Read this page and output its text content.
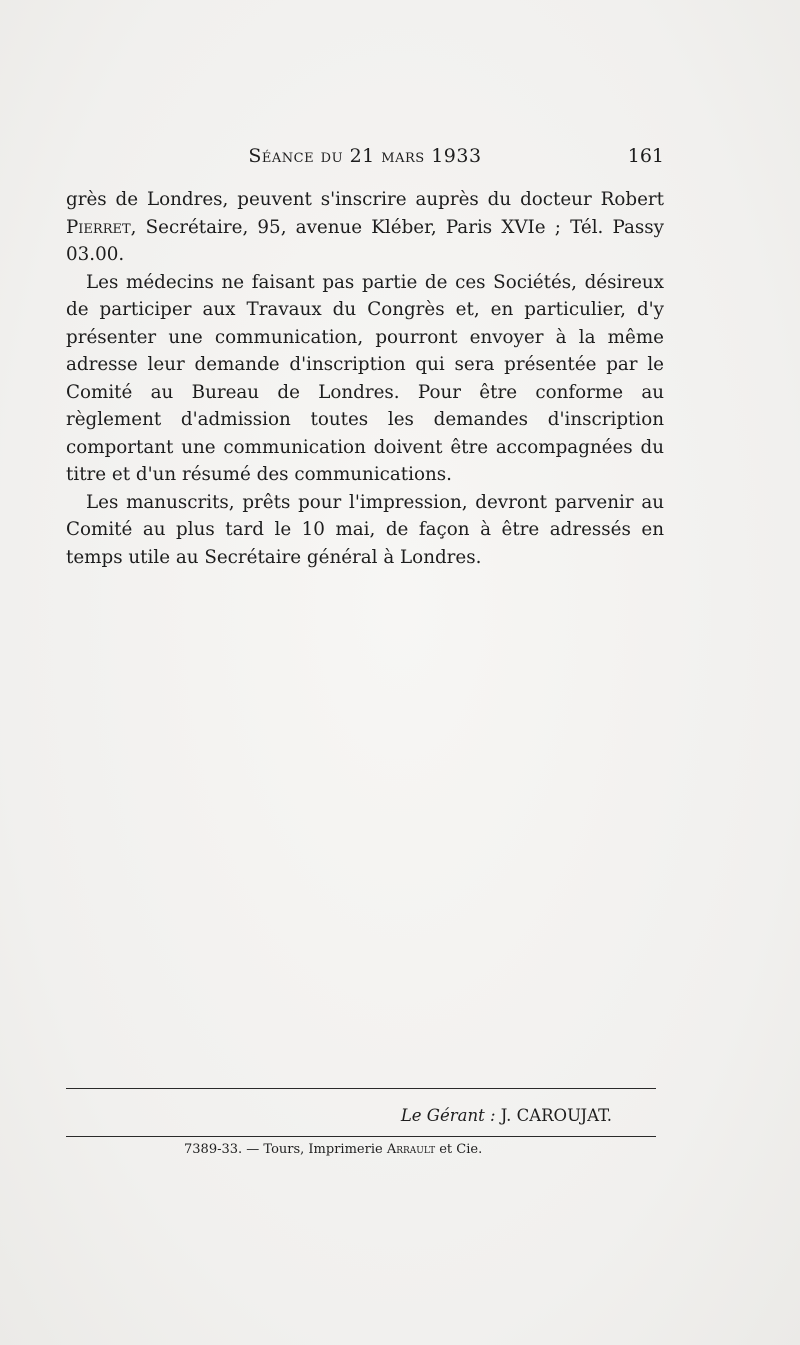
Séance du 21 mars 1933	161

grès de Londres, peuvent s'inscrire auprès du docteur Robert Pierret, Secrétaire, 95, avenue Kléber, Paris XVIe ; Tél. Passy 03.00.

Les médecins ne faisant pas partie de ces Sociétés, désireux de participer aux Travaux du Congrès et, en particulier, d'y présenter une communication, pourront envoyer à la même adresse leur demande d'inscription qui sera présentée par le Comité au Bureau de Londres. Pour être conforme au règlement d'admission toutes les demandes d'inscription comportant une communication doivent être accompagnées du titre et d'un résumé des communications.

Les manuscrits, prêts pour l'impression, devront parvenir au Comité au plus tard le 10 mai, de façon à être adressés en temps utile au Secrétaire général à Londres.

Le Gérant : J. CAROUJAT.
7389-33. — Tours, Imprimerie Arrault et Cie.
